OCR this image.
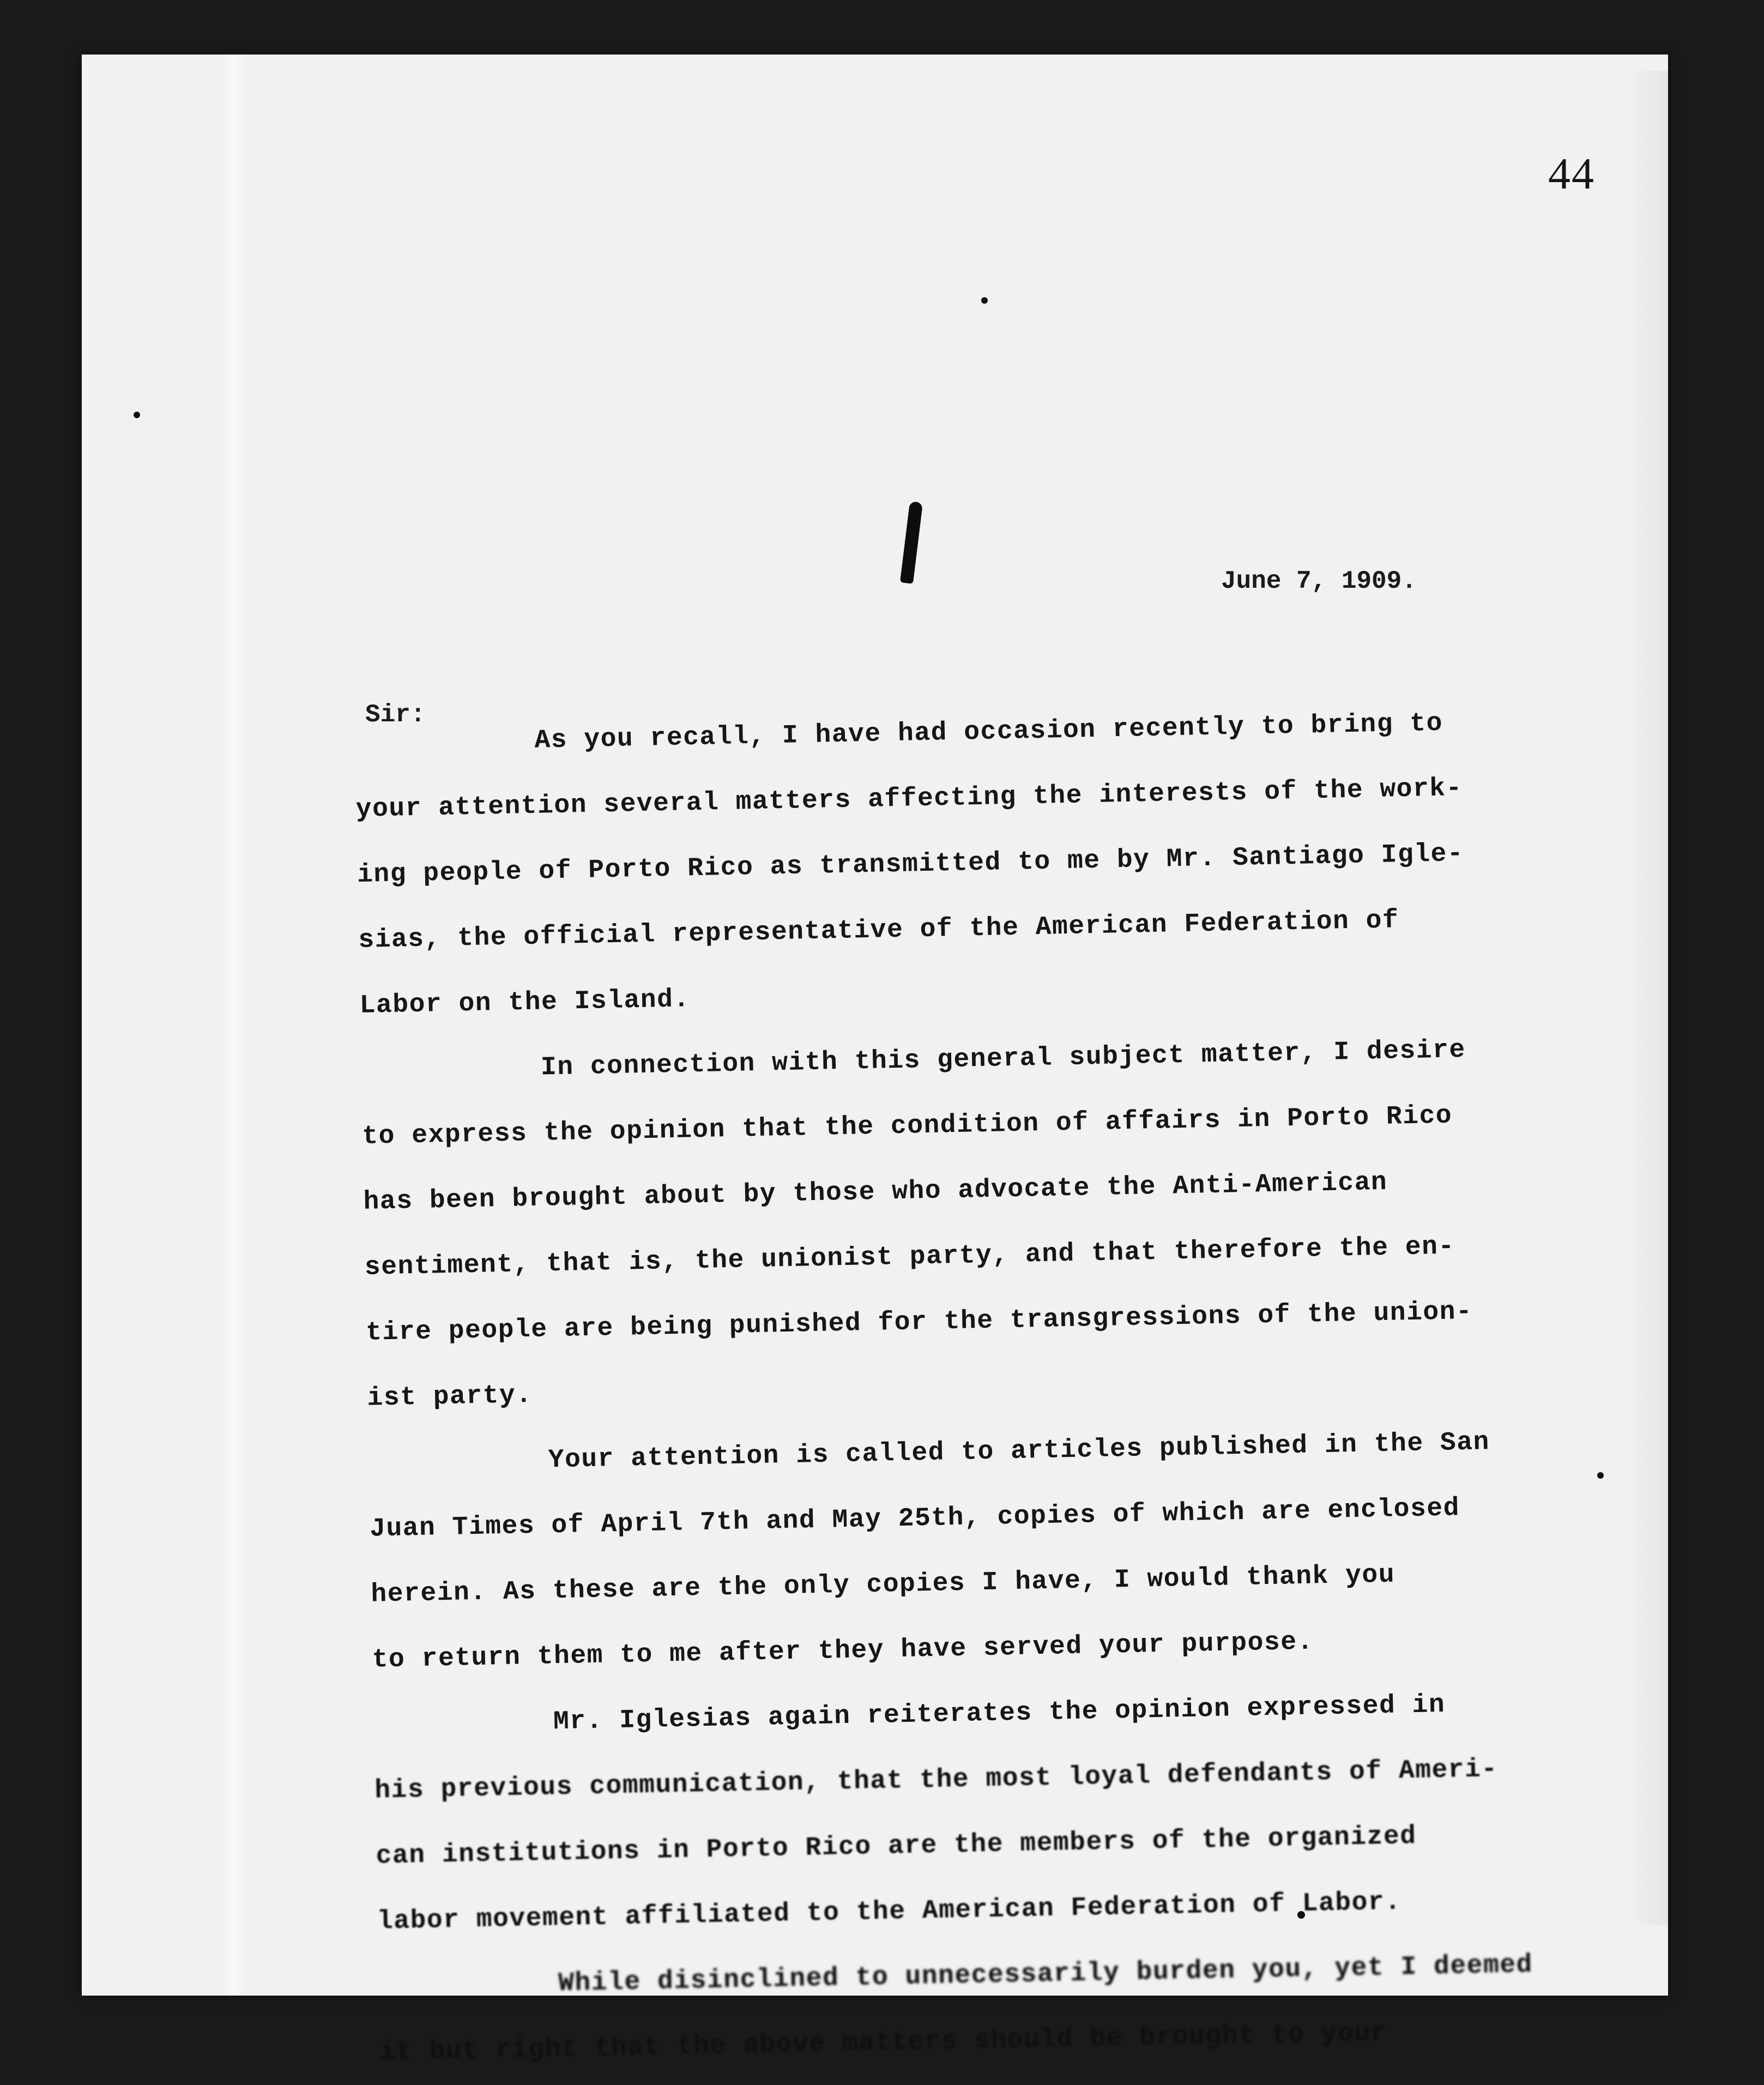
44
June 7, 1909.
Sir:	As you recall, I have had occasion recently to bring to
your attention several matters affecting the interests of the work-
ing people of Porto Rico as transmitted to me by Mr. Santiago Igle-
sias, the official representative of the American Federation of
Labor on the Island.
In connection with this general subject matter, I desire
to express the opinion that the condition of affairs in Porto Rico
has been brought about by those who advocate the Anti-American
sentiment, that is, the unionist party, and that therefore the en-
tire people are being punished for the transgressions of the union-
ist party.
Your attention is called to articles published in the San
Juan Times of April 7th and May 25th, copies of which are enclosed
herein. As these are the only copies I have, I would thank you
to return them to me after they have served your purpose.
Mr. Iglesias again reiterates the opinion expressed in
his previous communication, that the most loyal defendants of Ameri-
can institutions in Porto Rico are the members of the organized
labor movement affiliated to the American Federation of Labor.
While disinclined to unnecessarily burden you, yet I deemed
it but right that the above matters should be brought to your
